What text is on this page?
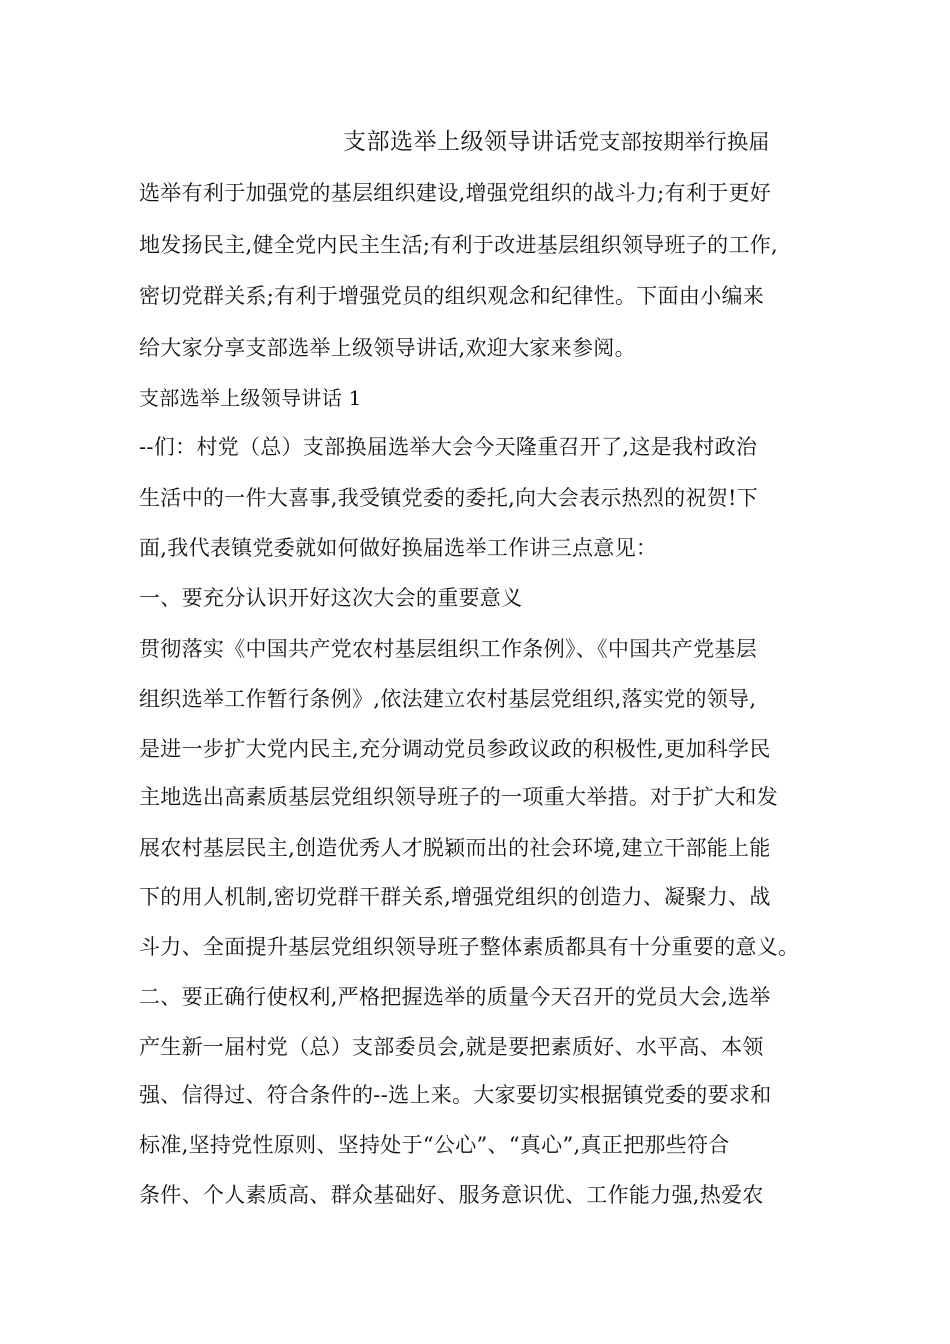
支部选举上级领导讲话党支部按期举行换届
选举有利于加强党的基层组织建设,增强党组织的战斗力;有利于更好
地发扬民主,健全党内民主生活;有利于改进基层组织领导班子的工作,
密切党群关系;有利于增强党员的组织观念和纪律性。下面由小编来
给大家分享支部选举上级领导讲话,欢迎大家来参阅。
支部选举上级领导讲话 1
--们：村党（总）支部换届选举大会今天隆重召开了,这是我村政治
生活中的一件大喜事,我受镇党委的委托,向大会表示热烈的祝贺!下
面,我代表镇党委就如何做好换届选举工作讲三点意见：
一、要充分认识开好这次大会的重要意义
贯彻落实《中国共产党农村基层组织工作条例》、《中国共产党基层
组织选举工作暂行条例》,依法建立农村基层党组织,落实党的领导,
是进一步扩大党内民主,充分调动党员参政议政的积极性,更加科学民
主地选出高素质基层党组织领导班子的一项重大举措。对于扩大和发
展农村基层民主,创造优秀人才脱颖而出的社会环境,建立干部能上能
下的用人机制,密切党群干群关系,增强党组织的创造力、凝聚力、战
斗力、全面提升基层党组织领导班子整体素质都具有十分重要的意义。
二、要正确行使权利,严格把握选举的质量今天召开的党员大会,选举
产生新一届村党（总）支部委员会,就是要把素质好、水平高、本领
强、信得过、符合条件的--选上来。大家要切实根据镇党委的要求和
标准,坚持党性原则、坚持处于“公心”、“真心”,真正把那些符合
条件、个人素质高、群众基础好、服务意识优、工作能力强,热爱农
